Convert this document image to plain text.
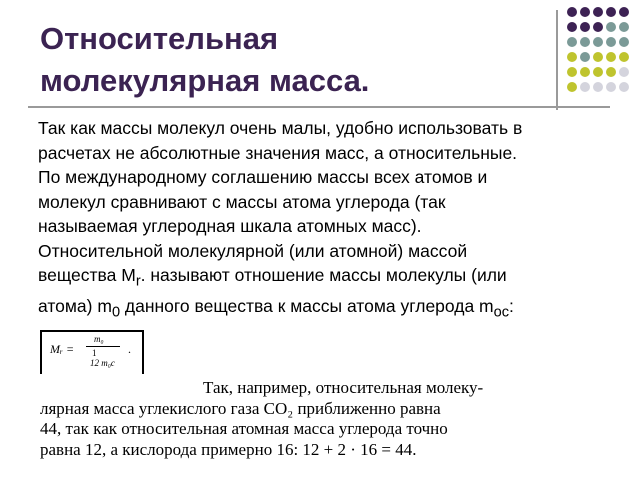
Относительная
молекулярная масса.
Так как массы молекул очень малы, удобно использовать в
расчетах не абсолютные значения масс, а относительные.
По международному соглашению массы всех атомов и
молекул сравнивают с массы атома углерода (так
называемая углеродная шкала атомных масс).
Относительной молекулярной (или атомной) массой
вещества $M_r$. называют отношение массы молекулы (или
атома) $m_0$ данного вещества к массы атома углерода $m_{oc}$:
Mᵣ =
m₀
1
12 m₀c
.
Так, например, относительная молеку-
лярная масса углекислого газа CO₂ приближенно равна
44, так как относительная атомная масса углерода точно
равна 12, а кислорода примерно 16: 12 + 2 · 16 = 44.
